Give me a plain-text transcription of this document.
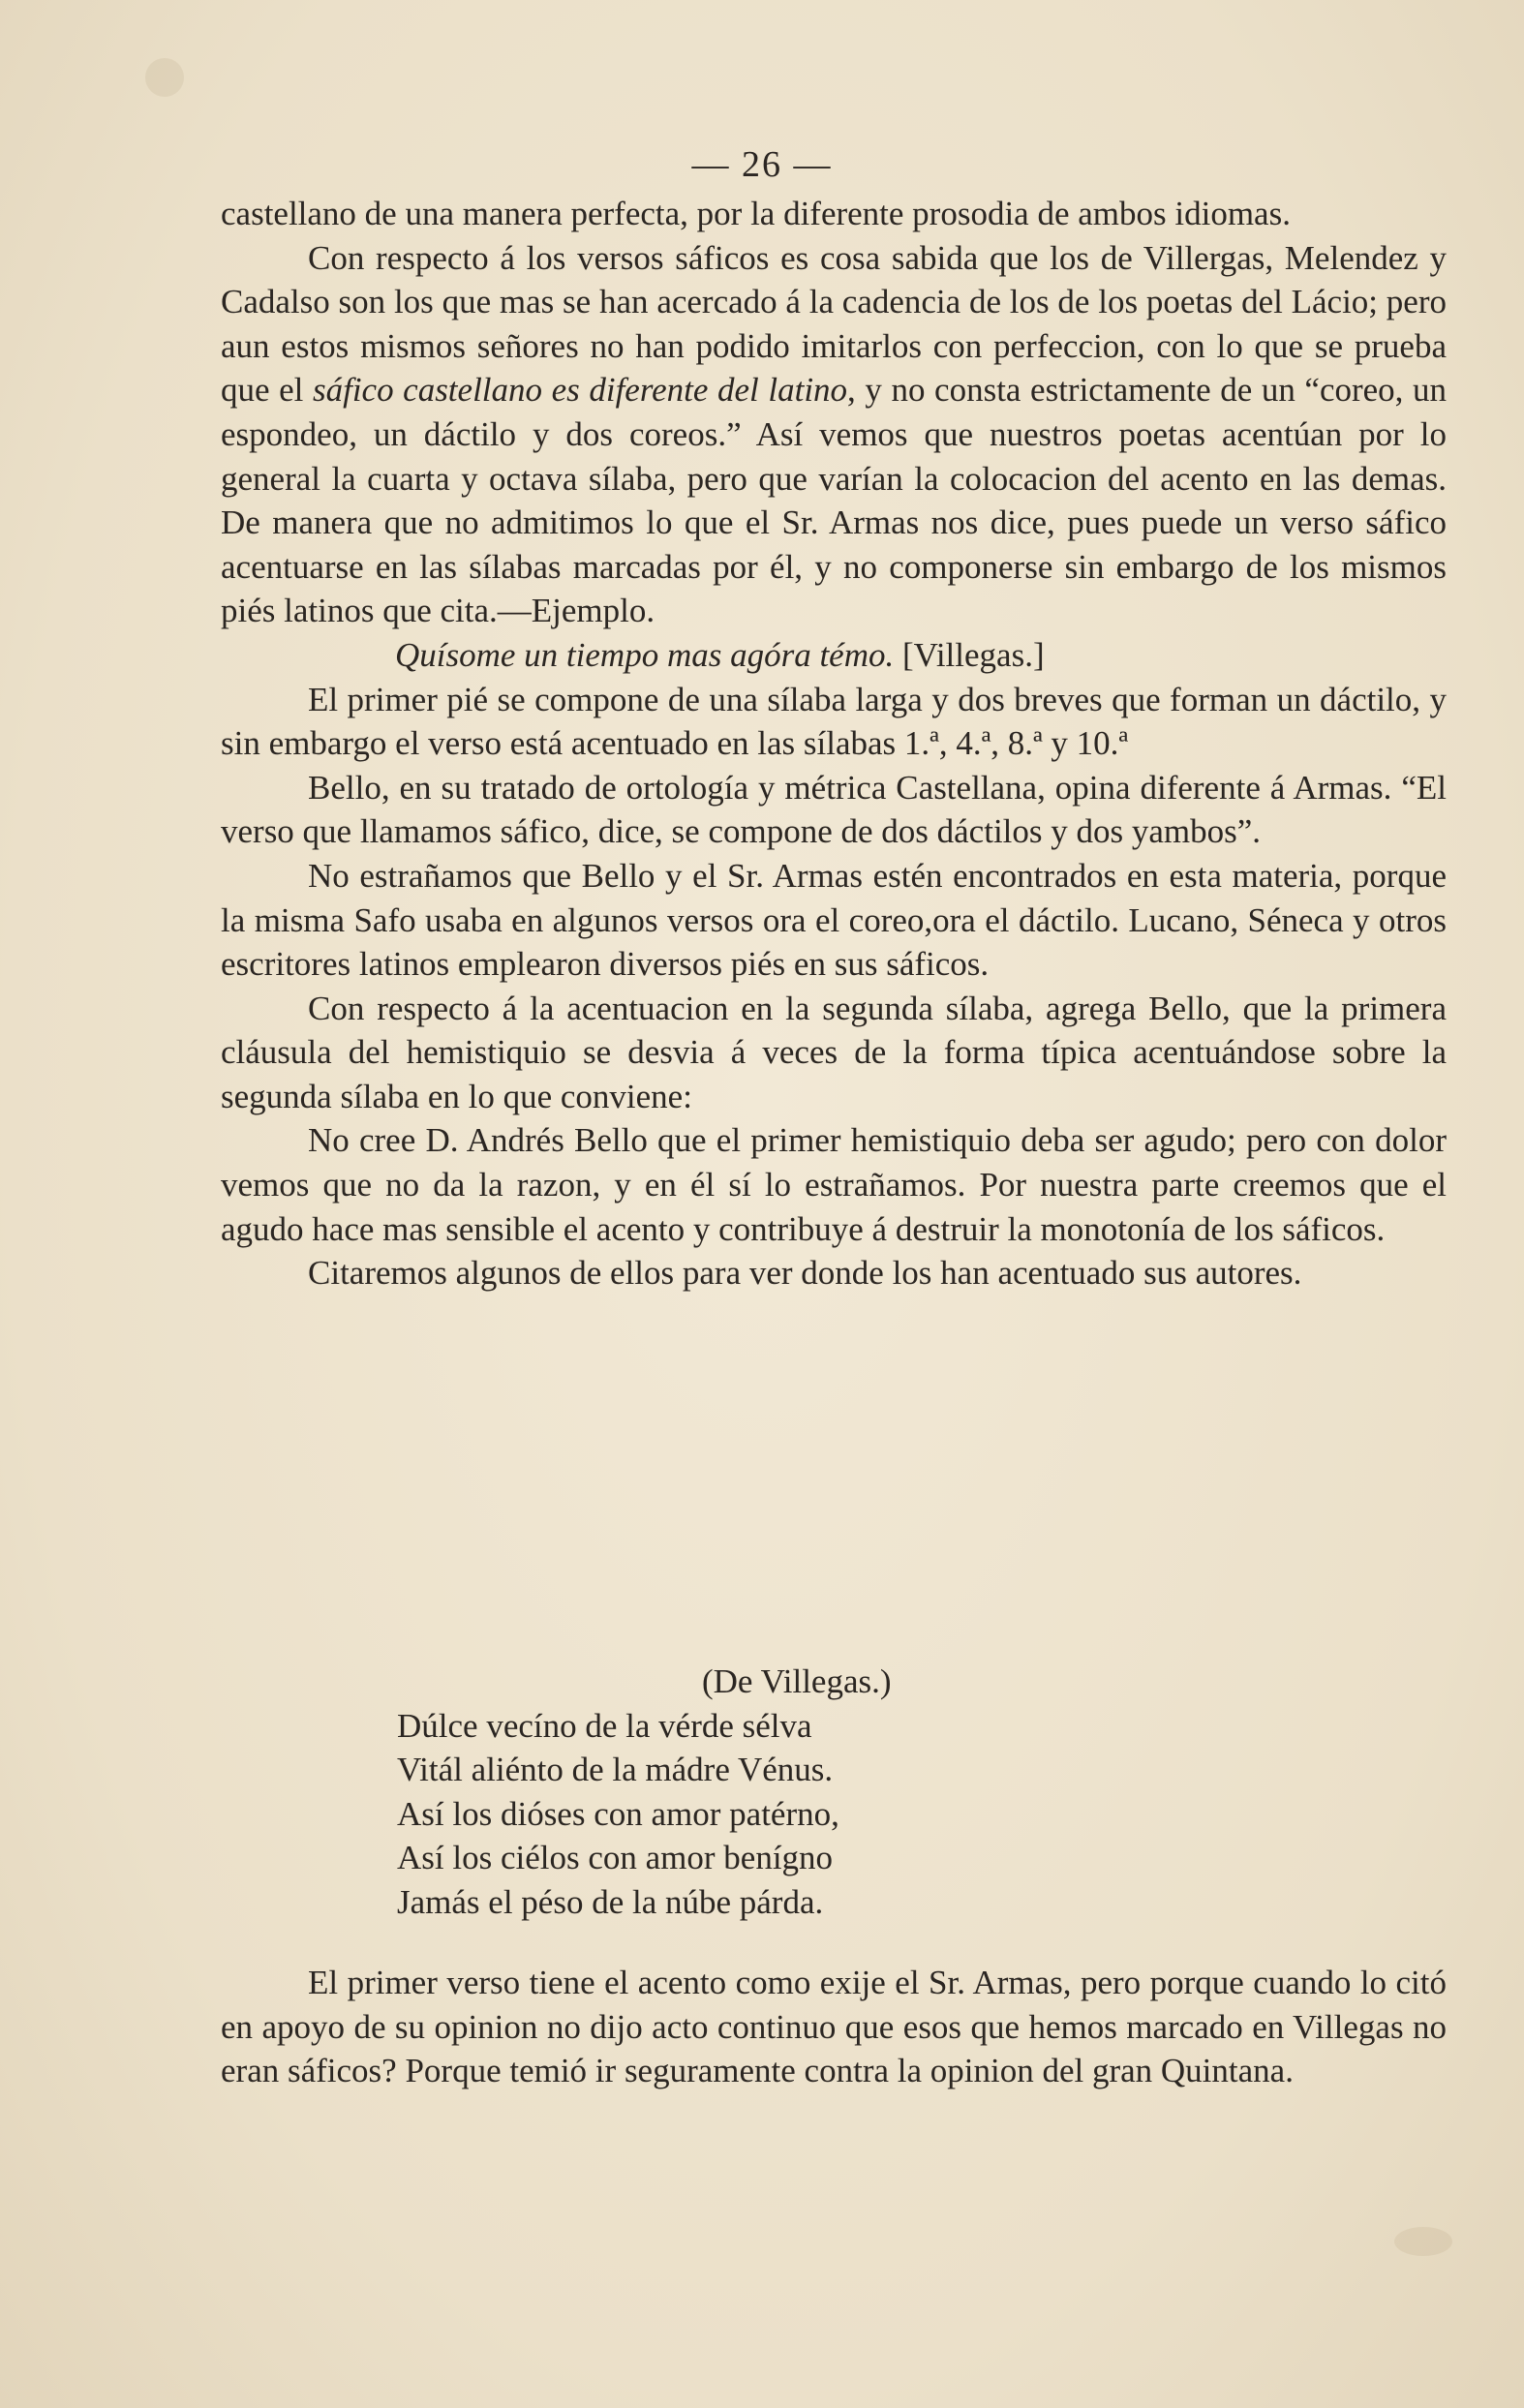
— 26 —

castellano de una manera perfecta, por la diferente prosodia de ambos idiomas.

Con respecto á los versos sáficos es cosa sabida que los de Villergas, Melendez y Cadalso son los que mas se han acercado á la cadencia de los de los poetas del Lácio; pero aun estos mismos señores no han podido imitarlos con perfeccion, con lo que se prueba que el sáfico castellano es diferente del latino, y no consta estrictamente de un “coreo, un espondeo, un dáctilo y dos coreos.” Así vemos que nuestros poetas acentúan por lo general la cuarta y octava sílaba, pero que varían la colocacion del acento en las demas. De manera que no admitimos lo que el Sr. Armas nos dice, pues puede un verso sáfico acentuarse en las sílabas marcadas por él, y no componerse sin embargo de los mismos piés latinos que cita.—Ejemplo.

Quísome un tiempo mas agóra témo. [Villegas.]

El primer pié se compone de una sílaba larga y dos breves que forman un dáctilo, y sin embargo el verso está acentuado en las sílabas 1.ª, 4.ª, 8.ª y 10.ª

Bello, en su tratado de ortología y métrica Castellana, opina diferente á Armas. “El verso que llamamos sáfico, dice, se compone de dos dáctilos y dos yambos”.

No estrañamos que Bello y el Sr. Armas estén encontrados en esta materia, porque la misma Safo usaba en algunos versos ora el coreo,ora el dáctilo. Lucano, Séneca y otros escritores latinos emplearon diversos piés en sus sáficos.

Con respecto á la acentuacion en la segunda sílaba, agrega Bello, que la primera cláusula del hemistiquio se desvia á veces de la forma típica acentuándose sobre la segunda sílaba en lo que conviene:

No cree D. Andrés Bello que el primer hemistiquio deba ser agudo; pero con dolor vemos que no da la razon, y en él sí lo estrañamos. Por nuestra parte creemos que el agudo hace mas sensible el acento y contribuye á destruir la monotonía de los sáficos.

Citaremos algunos de ellos para ver donde los han acentuado sus autores.

(De Villegas.)
Dúlce vecíno de la vérde sélva
Vitál aliénto de la mádre Vénus.
Así los dióses con amor patérno,
Así los ciélos con amor benígno
Jamás el péso de la núbe párda.

El primer verso tiene el acento como exije el Sr. Armas, pero porque cuando lo citó en apoyo de su opinion no dijo acto continuo que esos que hemos marcado en Villegas no eran sáficos? Porque temió ir seguramente contra la opinion del gran Quintana.
